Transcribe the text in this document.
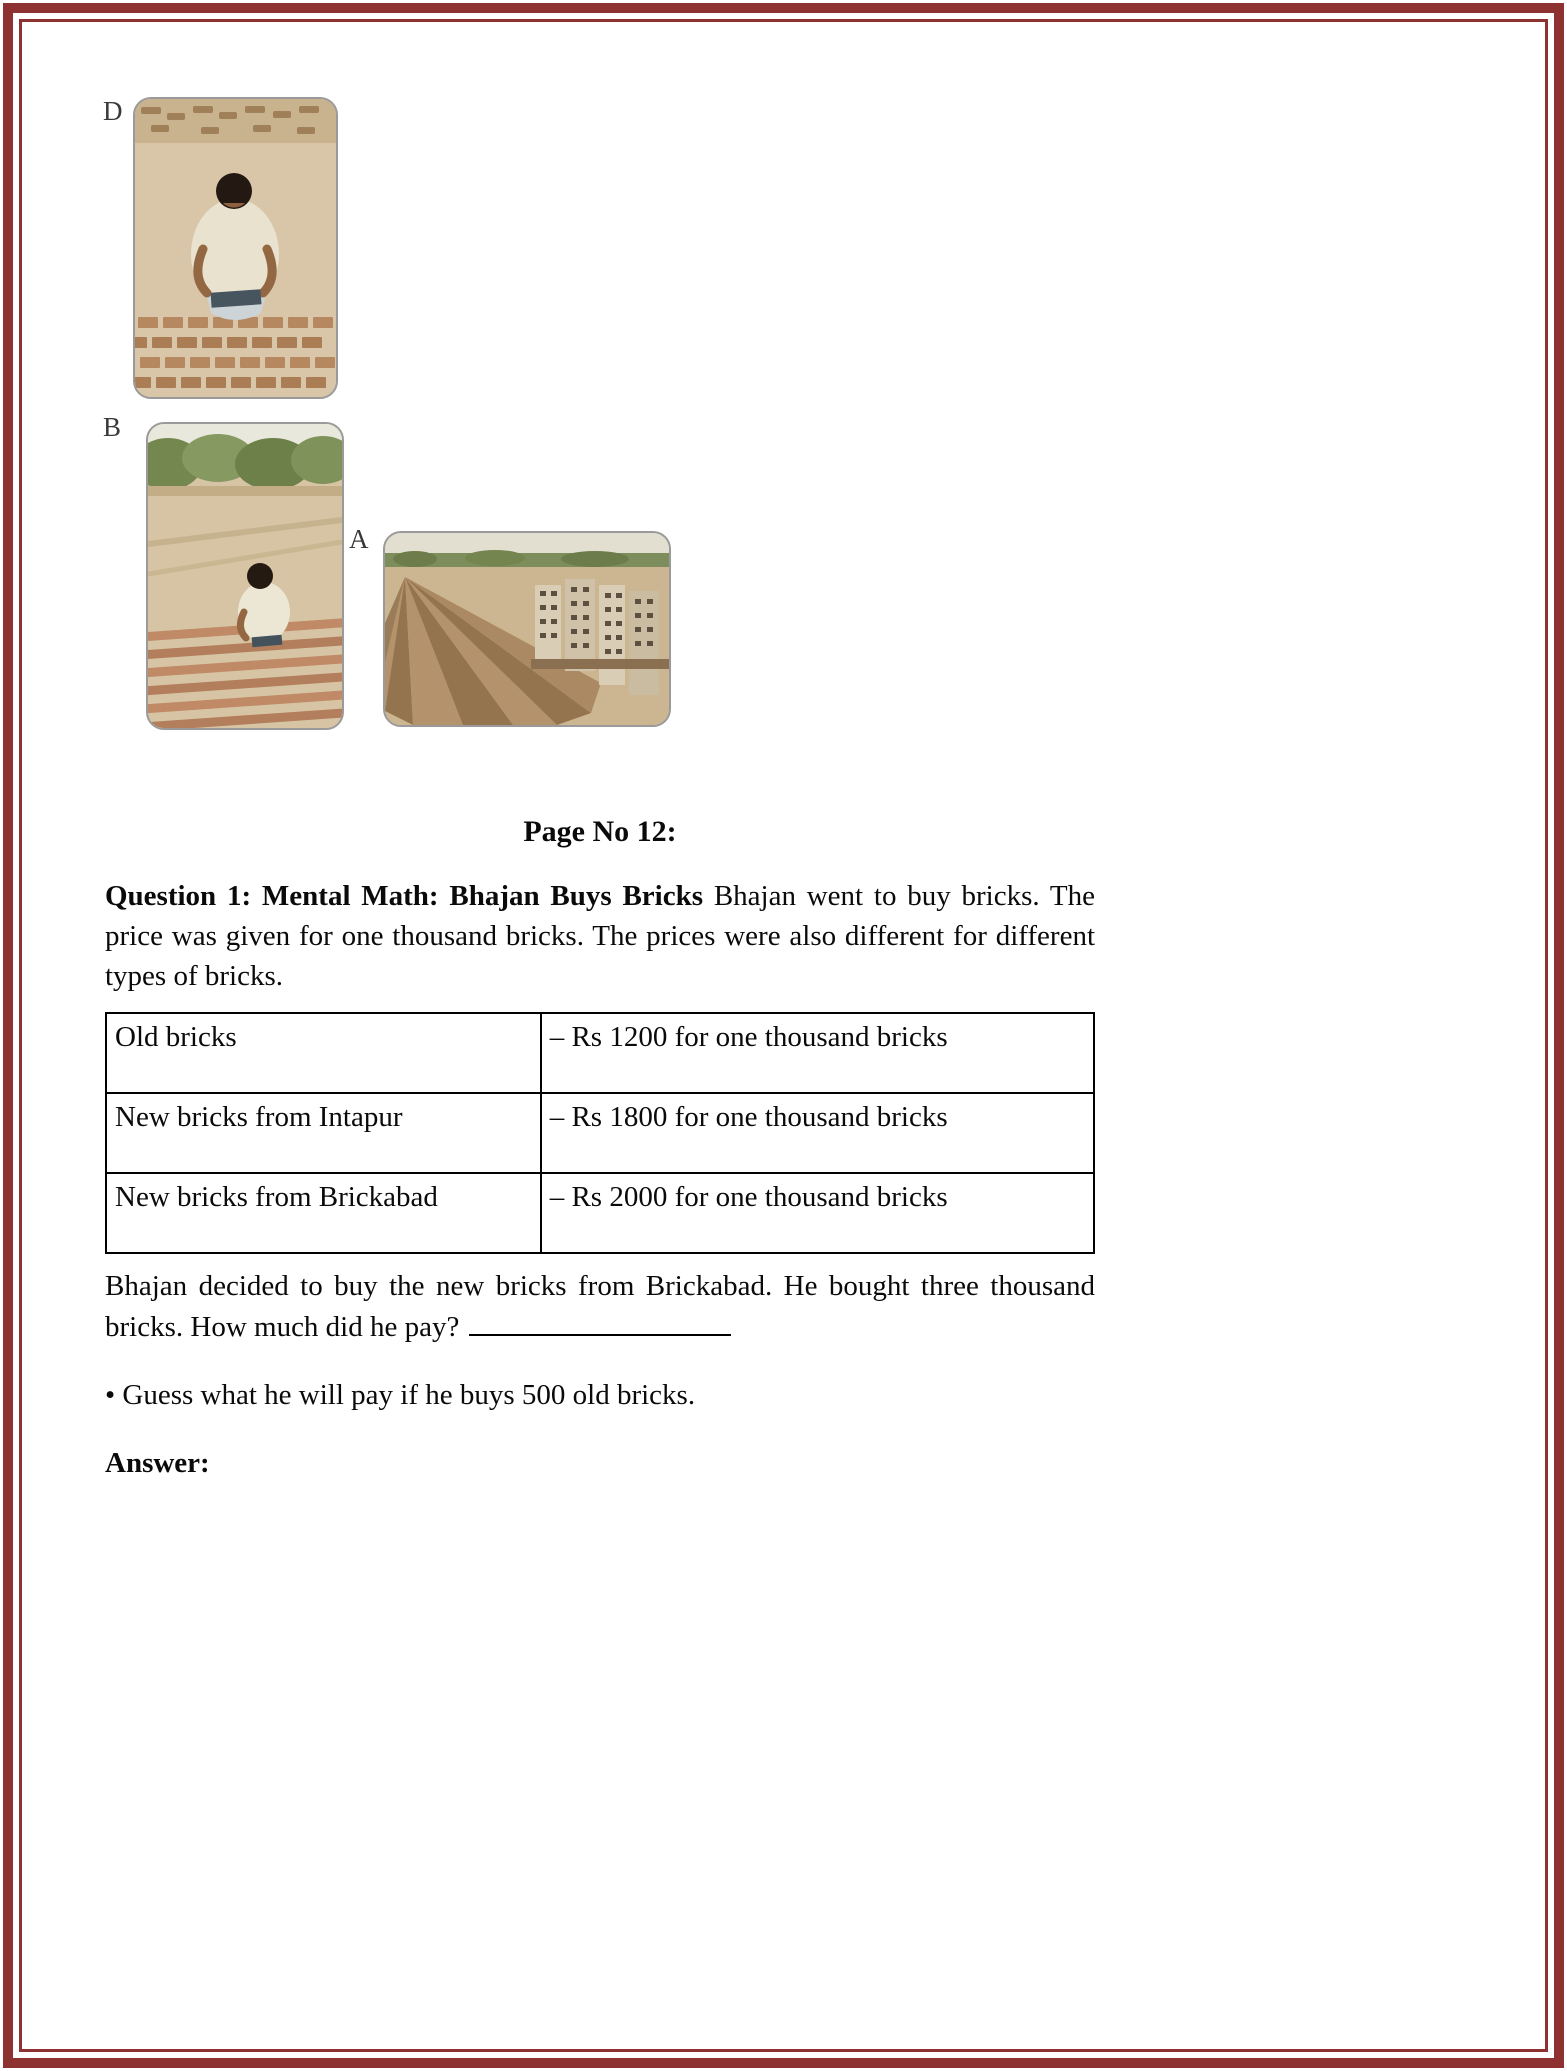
D
B
A
Page No 12:

Question 1: Mental Math: Bhajan Buys Bricks Bhajan went to buy bricks. The price was given for one thousand bricks. The prices were also different for different types of bricks.

Old bricks	– Rs 1200 for one thousand bricks
New bricks from Intapur	– Rs 1800 for one thousand bricks
New bricks from Brickabad	– Rs 2000 for one thousand bricks

Bhajan decided to buy the new bricks from Brickabad. He bought three thousand bricks. How much did he pay?

• Guess what he will pay if he buys 500 old bricks.

Answer:
